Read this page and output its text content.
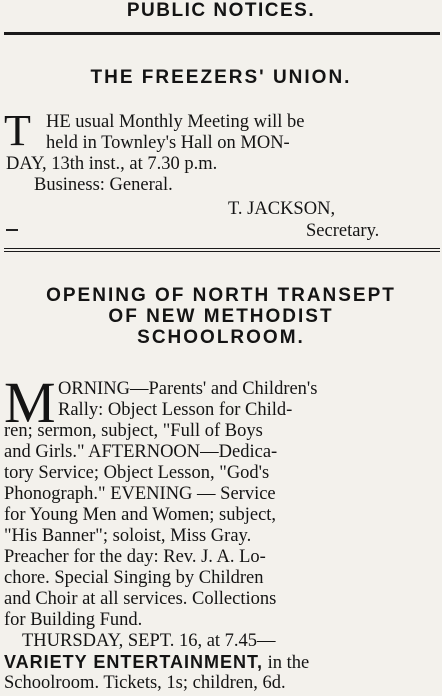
PUBLIC NOTICES.
THE FREEZERS' UNION.
T HE usual Monthly Meeting will be
held in Townley's Hall on MON-
DAY, 13th inst., at 7.30 p.m.
Business: General.
T. JACKSON,
Secretary.
OPENING OF NORTH TRANSEPT
OF NEW METHODIST
SCHOOLROOM.
M ORNING—Parents' and Children's
Rally: Object Lesson for Child-
ren; sermon, subject, "Full of Boys
and Girls." AFTERNOON—Dedica-
tory Service; Object Lesson, "God's
Phonograph." EVENING — Service
for Young Men and Women; subject,
"His Banner"; soloist, Miss Gray.
Preacher for the day: Rev. J. A. Lo-
chore. Special Singing by Children
and Choir at all services. Collections
for Building Fund.
THURSDAY, SEPT. 16, at 7.45—
VARIETY ENTERTAINMENT, in the
Schoolroom. Tickets, 1s; children, 6d.
